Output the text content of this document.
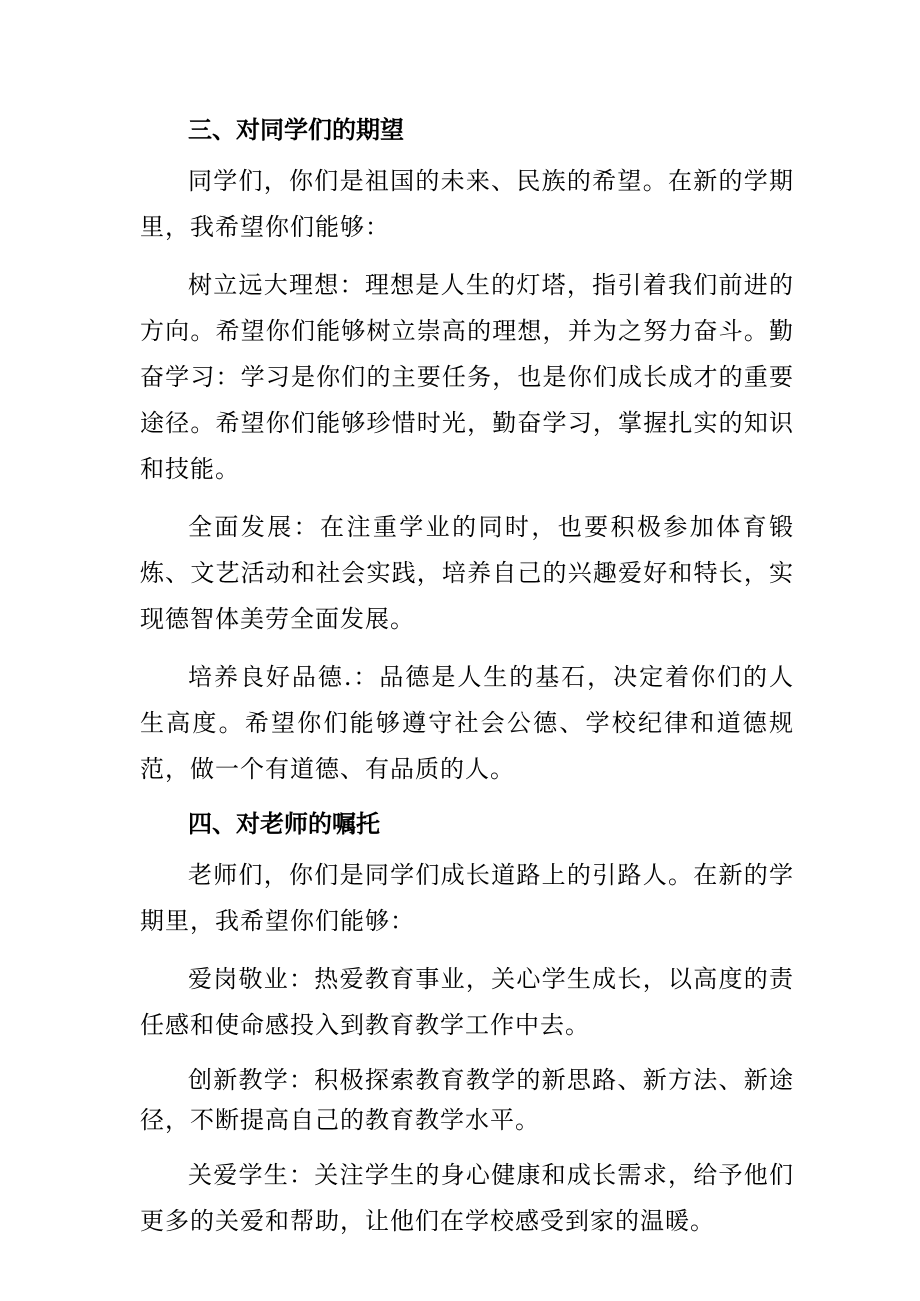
三、对同学们的期望

同学们，你们是祖国的未来、民族的希望。在新的学期里，我希望你们能够：

树立远大理想：理想是人生的灯塔，指引着我们前进的方向。希望你们能够树立崇高的理想，并为之努力奋斗。勤奋学习：学习是你们的主要任务，也是你们成长成才的重要途径。希望你们能够珍惜时光，勤奋学习，掌握扎实的知识和技能。

全面发展：在注重学业的同时，也要积极参加体育锻炼、文艺活动和社会实践，培养自己的兴趣爱好和特长，实现德智体美劳全面发展。

培养良好品德.：品德是人生的基石，决定着你们的人生高度。希望你们能够遵守社会公德、学校纪律和道德规范，做一个有道德、有品质的人。

四、对老师的嘱托

老师们，你们是同学们成长道路上的引路人。在新的学期里，我希望你们能够：

爱岗敬业：热爱教育事业，关心学生成长，以高度的责任感和使命感投入到教育教学工作中去。

创新教学：积极探索教育教学的新思路、新方法、新途径，不断提高自己的教育教学水平。

关爱学生：关注学生的身心健康和成长需求，给予他们更多的关爱和帮助，让他们在学校感受到家的温暖。
